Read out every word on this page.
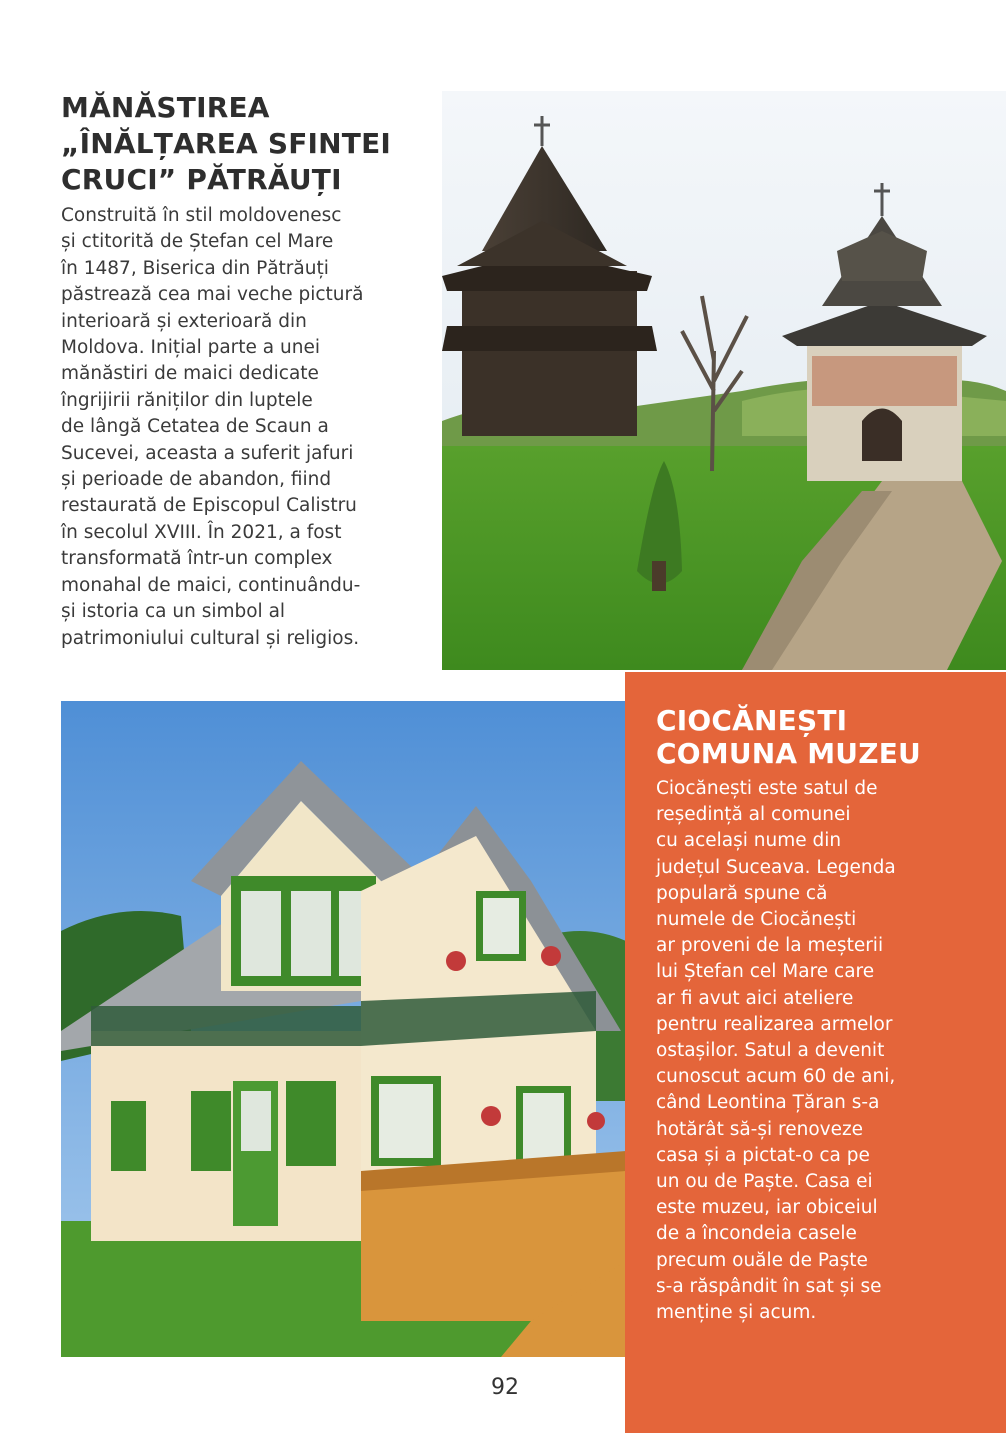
MĂNĂSTIREA
„ÎNĂLȚAREA SFINTEI
CRUCI” PĂTRĂUȚI

Construită în stil moldovenesc
și ctitorită de Ștefan cel Mare
în 1487, Biserica din Pătrăuți
păstrează cea mai veche pictură
interioară și exterioară din
Moldova. Inițial parte a unei
mănăstiri de maici dedicate
îngrijirii răniților din luptele
de lângă Cetatea de Scaun a
Sucevei, aceasta a suferit jafuri
și perioade de abandon, fiind
restaurată de Episcopul Calistru
în secolul XVIII. În 2021, a fost
transformată într-un complex
monahal de maici, continuându-
și istoria ca un simbol al
patrimoniului cultural și religios.

CIOCĂNEȘTI
COMUNA MUZEU

Ciocănești este satul de
reședință al comunei
cu același nume din
județul Suceava. Legenda
populară spune că
numele de Ciocănești
ar proveni de la meșterii
lui Ștefan cel Mare care
ar fi avut aici ateliere
pentru realizarea armelor
ostașilor. Satul a devenit
cunoscut acum 60 de ani,
când Leontina Țăran s-a
hotărât să-și renoveze
casa și a pictat-o ca pe
un ou de Paște. Casa ei
este muzeu, iar obiceiul
de a încondeia casele
precum ouăle de Paște
s-a răspândit în sat și se
menține și acum.

92
